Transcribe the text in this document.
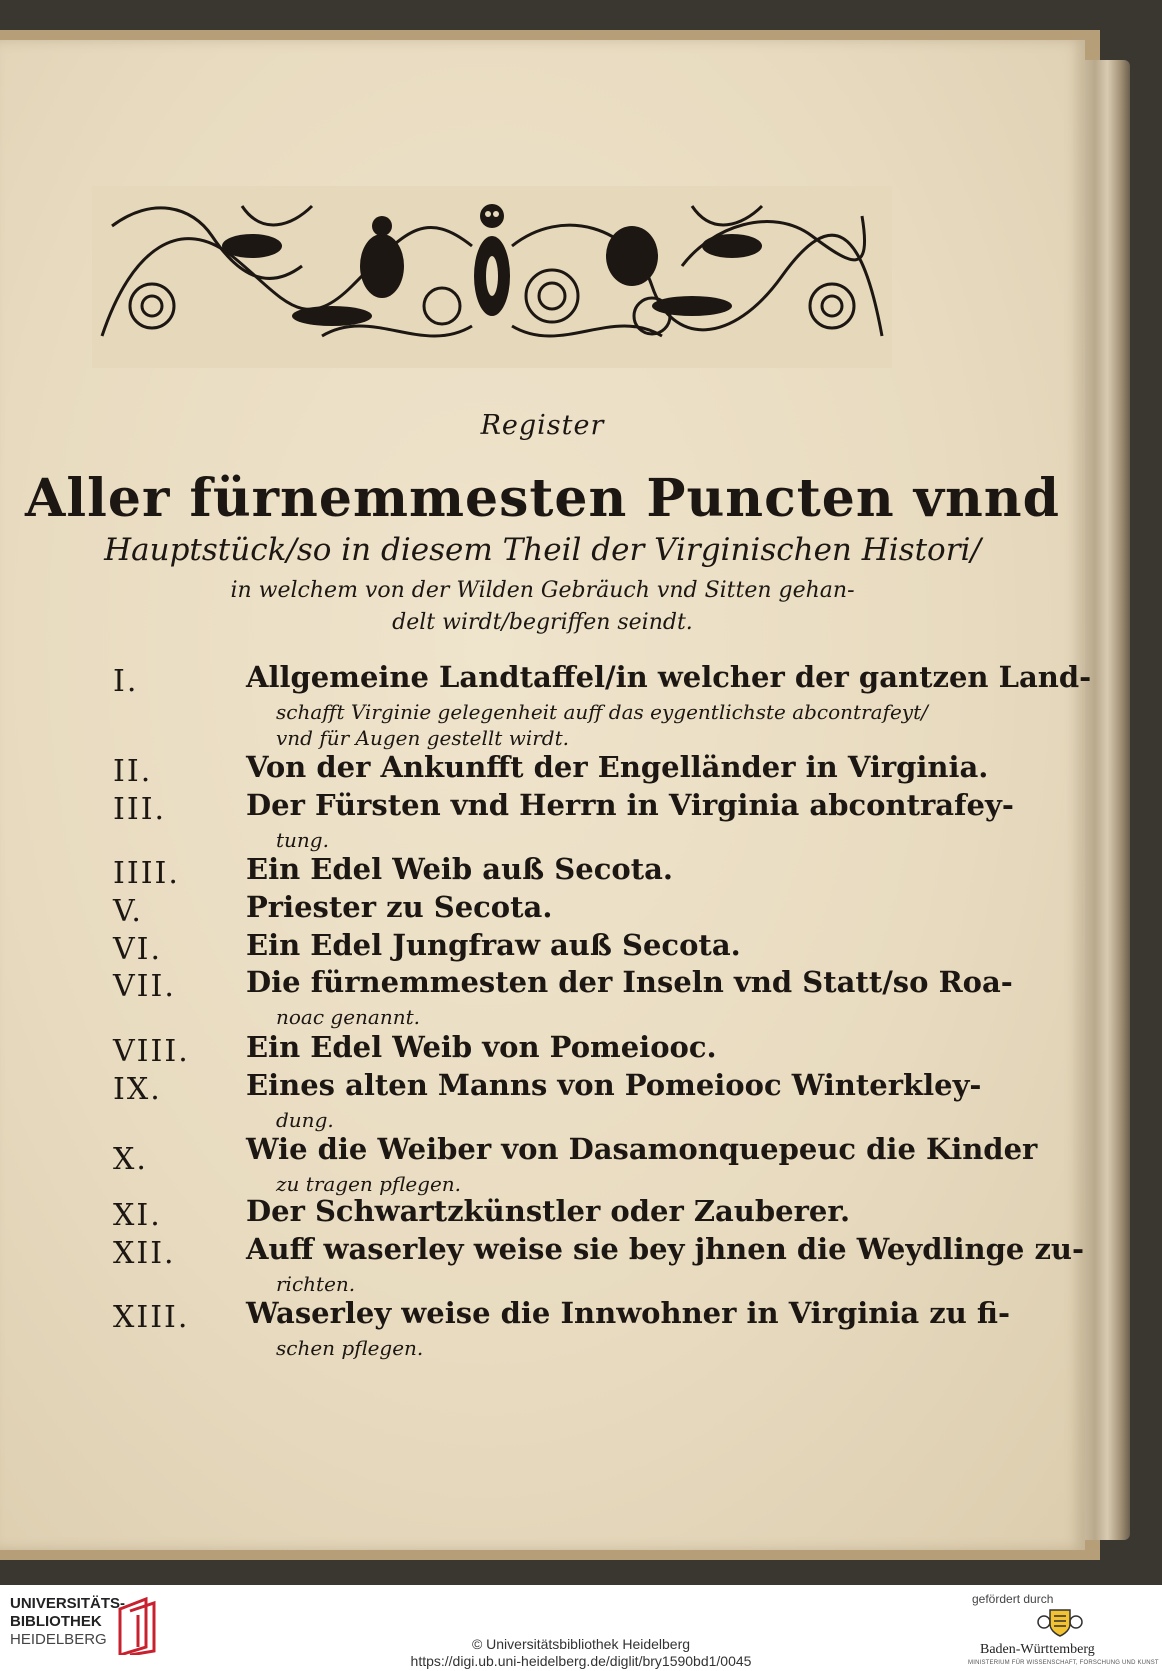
Register
Aller fürnemmesten Puncten vnnd
Hauptstück/so in diesem Theil der Virginischen Histori/
in welchem von der Wilden Gebräuch vnd Sitten gehan-
delt wirdt/begriffen seindt.
I.	Allgemeine Landtaffel/in welcher der gantzen Land-
schafft Virginie gelegenheit auff das eygentlichste abcontrafeyt/
vnd für Augen gestellt wirdt.
II.	Von der Ankunfft der Engelländer in Virginia.
III.	Der Fürsten vnd Herrn in Virginia abcontrafey-
tung.
IIII. Ein Edel Weib auß Secota.
V.	Priester zu Secota.
VI.	Ein Edel Jungfraw auß Secota.
VII. Die fürnemmesten der Inseln vnd Statt/so Roa-
noac genannt.
VIII. Ein Edel Weib von Pomeiooc.
IX.	Eines alten Manns von Pomeiooc Winterkley-
dung.
X.	Wie die Weiber von Dasamonquepeuc die Kinder
zu tragen pflegen.
XI.	Der Schwartzkünstler oder Zauberer.
XII. Auff waserley weise sie bey jhnen die Weydlinge zu-
richten.
XIII. Waserley weise die Innwohner in Virginia zu fi-
schen pflegen.
UNIVERSITÄTS-
BIBLIOTHEK
HEIDELBERG	© Universitätsbibliothek Heidelberg
https://digi.ub.uni-heidelberg.de/diglit/bry1590bd1/0045
gefördert durch
Baden-Württemberg
MINISTERIUM FÜR WISSENSCHAFT, FORSCHUNG UND KUNST
